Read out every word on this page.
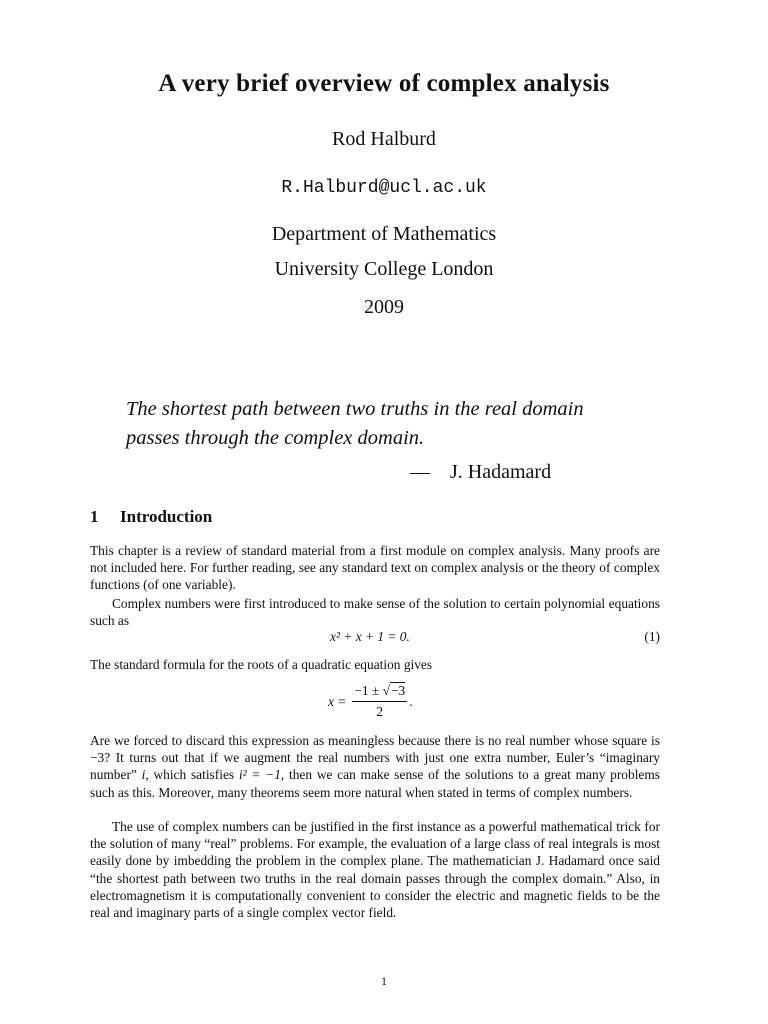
A very brief overview of complex analysis
Rod Halburd
R.Halburd@ucl.ac.uk
Department of Mathematics
University College London
2009
The shortest path between two truths in the real domain
passes through the complex domain.
— J. Hadamard
1 Introduction
This chapter is a review of standard material from a first module on complex analysis. Many proofs are not included here. For further reading, see any standard text on complex analysis or the theory of complex functions (of one variable).
Complex numbers were first introduced to make sense of the solution to certain polynomial equations such as
x² + x + 1 = 0.	(1)
The standard formula for the roots of a quadratic equation gives
$x = \frac{-1 \pm √-3}{2}$ .
Are we forced to discard this expression as meaningless because there is no real number whose square is −3? It turns out that if we augment the real numbers with just one extra number, Euler’s “imaginary number” i, which satisfies i² = −1, then we can make sense of the solutions to a great many problems such as this. Moreover, many theorems seem more natural when stated in terms of complex numbers.
The use of complex numbers can be justified in the first instance as a powerful mathematical trick for the solution of many “real” problems. For example, the evaluation of a large class of real integrals is most easily done by imbedding the problem in the complex plane. The mathematician J. Hadamard once said “the shortest path between two truths in the real domain passes through the complex domain.” Also, in electromagnetism it is computationally convenient to consider the electric and magnetic fields to be the real and imaginary parts of a single complex vector field.
1
